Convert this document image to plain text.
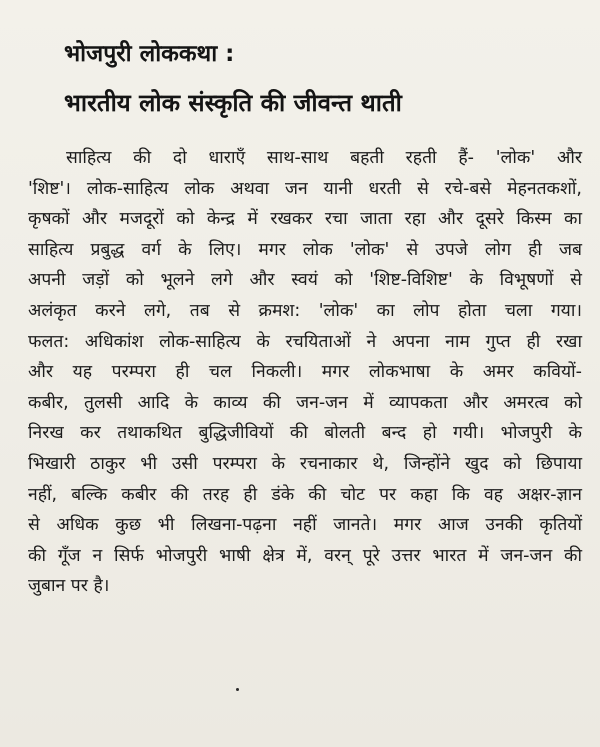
भोजपुरी लोककथा :
भारतीय लोक संस्कृति की जीवन्त थाती
साहित्य की दो धाराएँ साथ-साथ बहती रहती हैं- 'लोक' और
'शिष्ट'। लोक-साहित्य लोक अथवा जन यानी धरती से रचे-बसे मेहनतकशों,
कृषकों और मजदूरों को केन्द्र में रखकर रचा जाता रहा और दूसरे किस्म का
साहित्य प्रबुद्ध वर्ग के लिए। मगर लोक 'लोक' से उपजे लोग ही जब
अपनी जड़ों को भूलने लगे और स्वयं को 'शिष्ट-विशिष्ट' के विभूषणों से
अलंकृत करने लगे, तब से क्रमश: 'लोक' का लोप होता चला गया।
फलत: अधिकांश लोक-साहित्य के रचयिताओं ने अपना नाम गुप्त ही रखा
और यह परम्परा ही चल निकली। मगर लोकभाषा के अमर कवियों-
कबीर, तुलसी आदि के काव्य की जन-जन में व्यापकता और अमरत्व को
निरख कर तथाकथित बुद्धिजीवियों की बोलती बन्द हो गयी। भोजपुरी के
भिखारी ठाकुर भी उसी परम्परा के रचनाकार थे, जिन्होंने खुद को छिपाया
नहीं, बल्कि कबीर की तरह ही डंके की चोट पर कहा कि वह अक्षर-ज्ञान
से अधिक कुछ भी लिखना-पढ़ना नहीं जानते। मगर आज उनकी कृतियों
की गूँज न सिर्फ भोजपुरी भाषी क्षेत्र में, वरन् पूरे उत्तर भारत में जन-जन की
जुबान पर है।
